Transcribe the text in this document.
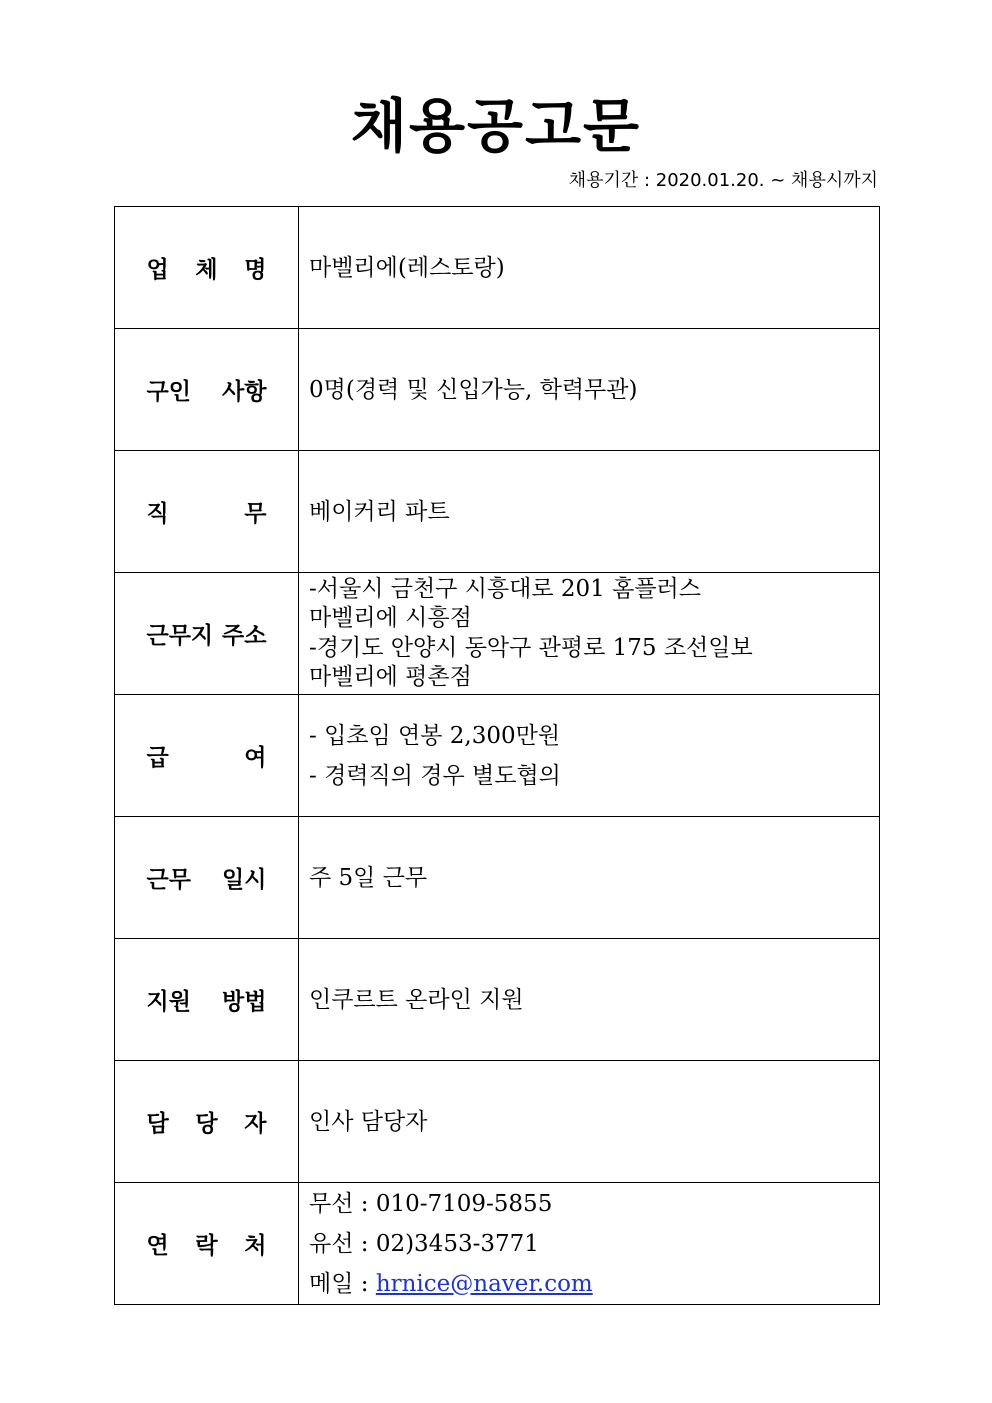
채용공고문
채용기간 : 2020.01.20. ~ 채용시까지
업 체 명	마벨리에(레스토랑)

구인 사항	0명(경력 및 신입가능, 학력무관)

직 무	베이커리 파트

근무지 주소	-서울시 금천구 시흥대로 201 홈플러스
마벨리에 시흥점
-경기도 안양시 동악구 관평로 175 조선일보
마벨리에 평촌점

급 여	- 입초임 연봉 2,300만원
- 경력직의 경우 별도협의

근무 일시	주 5일 근무

지원 방법	인쿠르트 온라인 지원

담 당 자	인사 담당자

연 락 처	무선 : 010-7109-5855
유선 : 02)3453-3771
메일 : hrnice@naver.com
